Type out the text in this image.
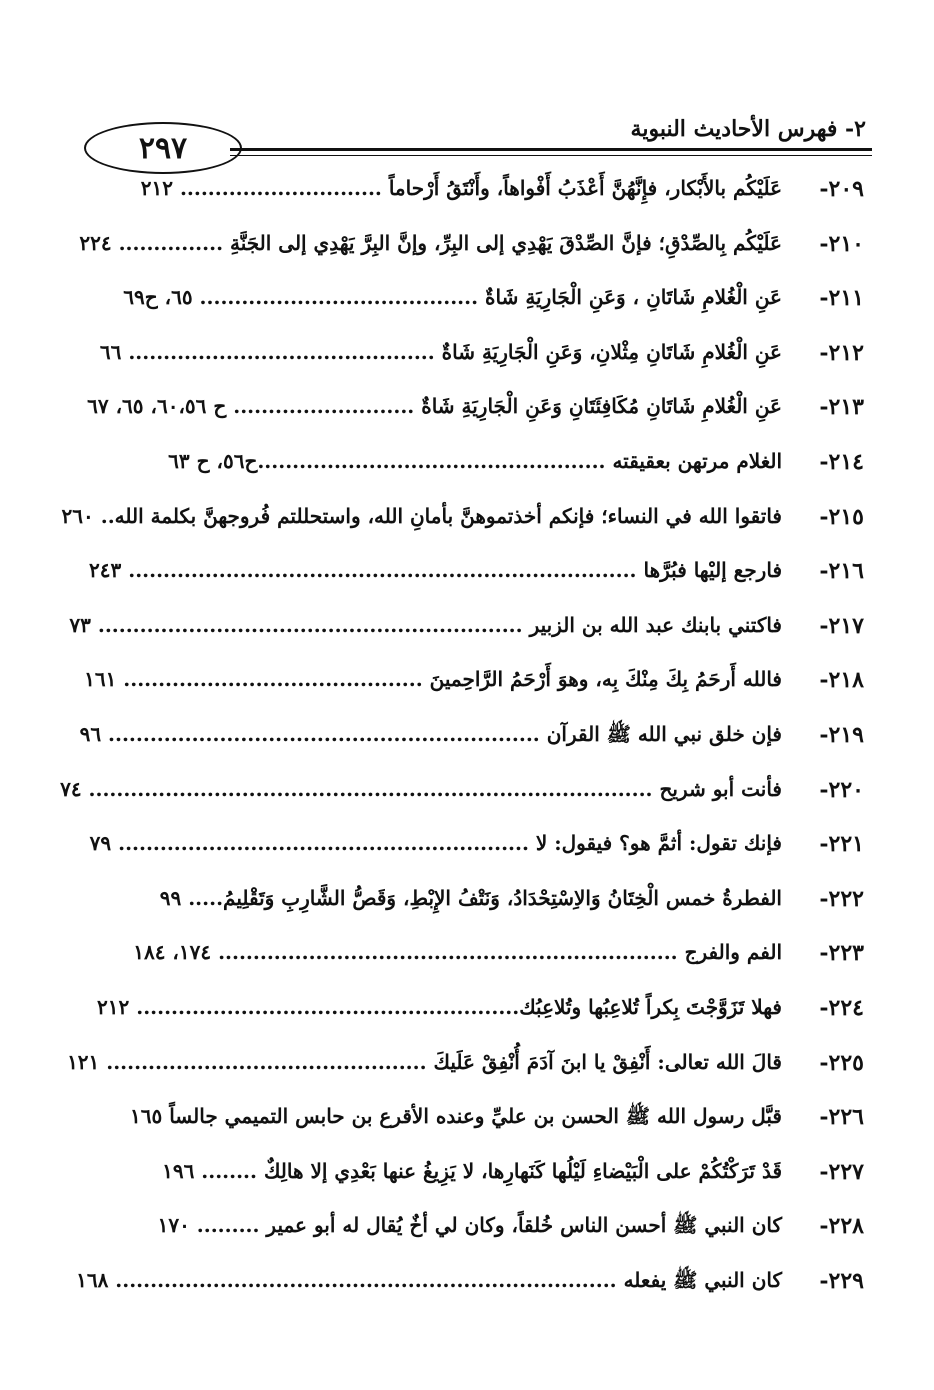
٢٩٧
٢- فهرس الأحاديث النبوية
٢٠٩-
عَلَيْكُم بالأَبْكار، فإِنَّهُنَّ أَعْذَبُ أَفْواهاً، وأَنْتَقُ أَرْحاماً ............................. ٢١٢
٢١٠-
عَلَيْكُم بِالصِّدْقِ؛ فإنَّ الصِّدْقَ يَهْدِي إلى البِرِّ، وإنَّ البِرَّ يَهْدِي إلى الجَنَّةِ ............... ٢٢٤
٢١١-
عَنِ الْغُلامِ شَاتَانِ ، وَعَنِ الْجَارِيَةِ شَاةٌ ........................................ ٦٥، ح٦٩
٢١٢-
عَنِ الْغُلامِ شَاتَانِ مِثْلانِ، وَعَنِ الْجَارِيَةِ شَاةٌ ............................................ ٦٦
٢١٣-
عَنِ الْغُلامِ شَاتَانِ مُكَافِئَتَانِ وَعَنِ الْجَارِيَةِ شَاةٌ .......................... ح ٦٠،٥٦، ٦٥، ٦٧
٢١٤-
الغلام مرتهن بعقيقته ..................................................ح٥٦، ح ٦٣
٢١٥-
فاتقوا الله في النساء؛ فإنكم أخذتموهنَّ بأمانِ الله، واستحللتم فُروجهنَّ بكلمة الله.. ٢٦٠
٢١٦-
فارجع إليْها فبُرَّها ......................................................................... ٢٤٣
٢١٧-
فاكتني بابنك عبد الله بن الزبير ............................................................. ٧٣
٢١٨-
فالله أَرحَمُ بِكَ مِنْكَ بِه، وهوَ أَرْحَمُ الرَّاحِمينَ ........................................... ١٦١
٢١٩-
فإن خلق نبي الله ﷺ القرآن .............................................................. ٩٦
٢٢٠-
فأنت أبو شريح ................................................................................. ٧٤
٢٢١-
فإنك تقول: أثمَّ هو؟ فيقول: لا ........................................................... ٧٩
٢٢٢-
الفطرةُ خمس الْخِتَانُ وَالاِسْتِحْدَادُ، وَنَتْفُ الإِبْطِ، وَقَصُّ الشَّارِبِ وَتَقْلِيمُ..... ٩٩
٢٢٣-
الفم والفرج .................................................................. ١٧٤، ١٨٤
٢٢٤-
فهلا تَزَوَّجْتَ بِكراً تُلاعِبُها وتُلاعِبُك....................................................... ٢١٢
٢٢٥-
قالَ الله تعالى: أَنْفِقْ يا ابنَ آدَمَ أُنْفِقْ عَلَيكَ .............................................. ١٢١
٢٢٦-
قبَّل رسول الله ﷺ الحسن بن عليِّ وعنده الأقرع بن حابس التميمي جالساً ١٦٥
٢٢٧-
قَدْ تَرَكْتُكُمْ على الْبَيْضاءِ لَيْلُها كَنَهارِها، لا يَزِيغُ عنها بَعْدِي إلا هالِكٌ ........ ١٩٦
٢٢٨-
كان النبي ﷺ أحسن الناس خُلقاً، وكان لي أخٌ يُقال له أبو عمير ......... ١٧٠
٢٢٩-
كان النبي ﷺ يفعله ........................................................................ ١٦٨
